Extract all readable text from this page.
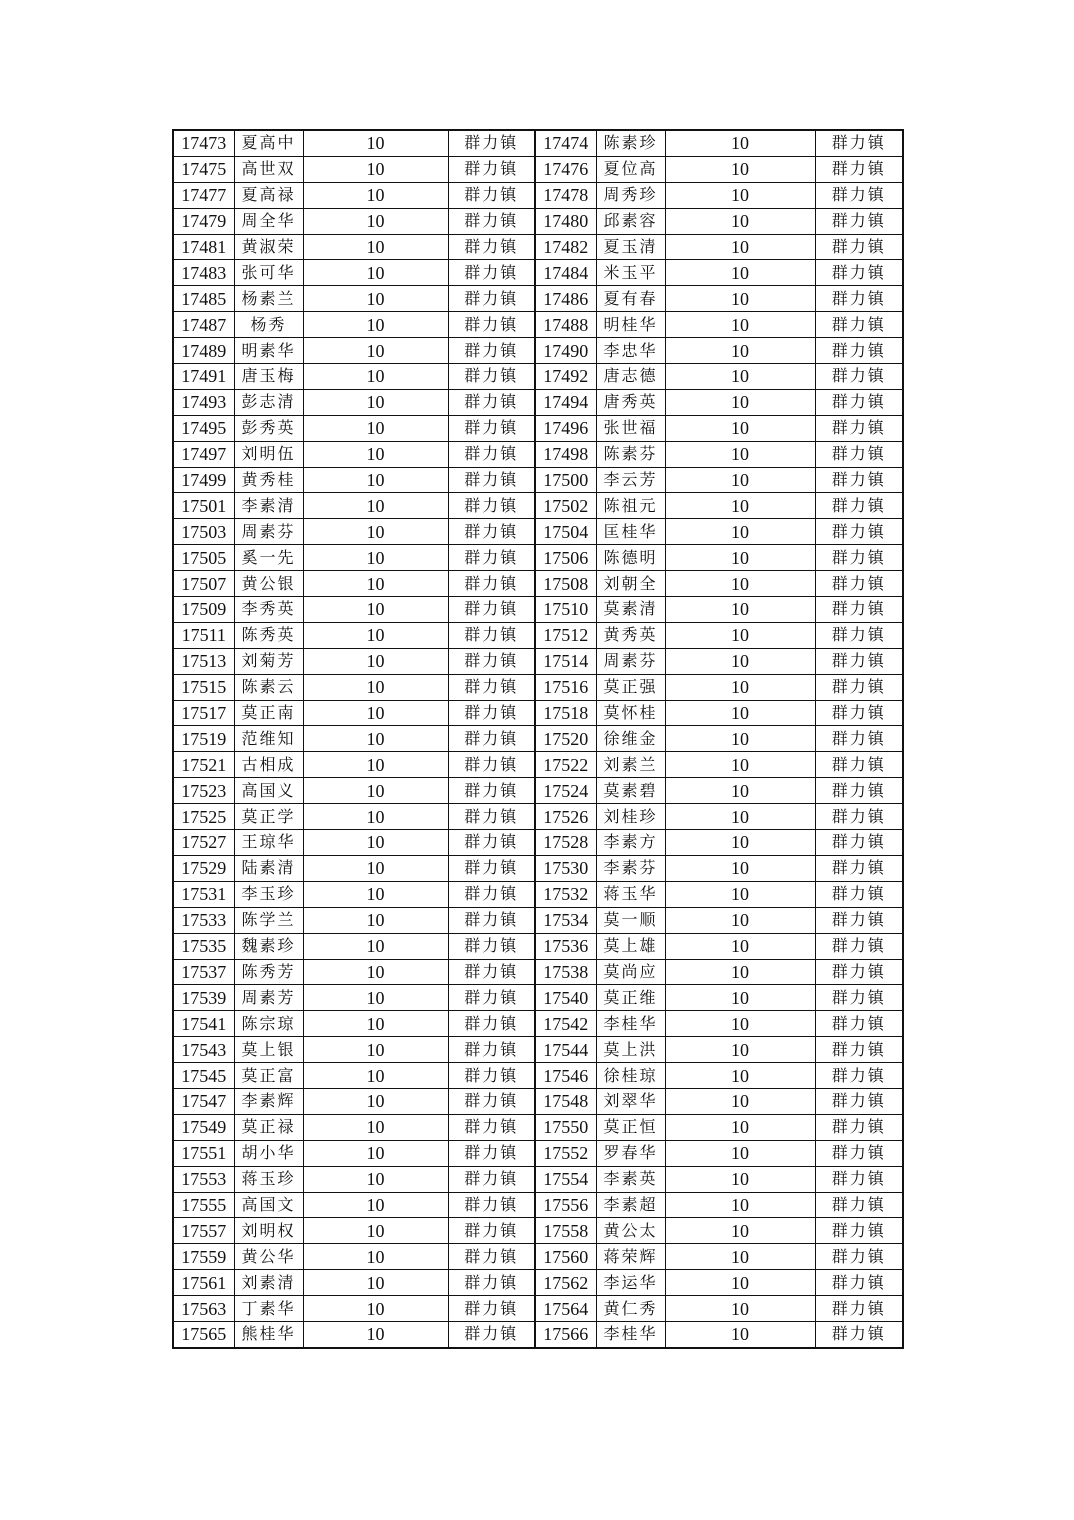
17473	夏高中	10	群力镇	17474	陈素珍	10	群力镇
17475	高世双	10	群力镇	17476	夏位高	10	群力镇
17477	夏高禄	10	群力镇	17478	周秀珍	10	群力镇
17479	周全华	10	群力镇	17480	邱素容	10	群力镇
17481	黄淑荣	10	群力镇	17482	夏玉清	10	群力镇
17483	张可华	10	群力镇	17484	米玉平	10	群力镇
17485	杨素兰	10	群力镇	17486	夏有春	10	群力镇
17487	杨秀	10	群力镇	17488	明桂华	10	群力镇
17489	明素华	10	群力镇	17490	李忠华	10	群力镇
17491	唐玉梅	10	群力镇	17492	唐志德	10	群力镇
17493	彭志清	10	群力镇	17494	唐秀英	10	群力镇
17495	彭秀英	10	群力镇	17496	张世福	10	群力镇
17497	刘明伍	10	群力镇	17498	陈素芬	10	群力镇
17499	黄秀桂	10	群力镇	17500	李云芳	10	群力镇
17501	李素清	10	群力镇	17502	陈祖元	10	群力镇
17503	周素芬	10	群力镇	17504	匡桂华	10	群力镇
17505	奚一先	10	群力镇	17506	陈德明	10	群力镇
17507	黄公银	10	群力镇	17508	刘朝全	10	群力镇
17509	李秀英	10	群力镇	17510	莫素清	10	群力镇
17511	陈秀英	10	群力镇	17512	黄秀英	10	群力镇
17513	刘菊芳	10	群力镇	17514	周素芬	10	群力镇
17515	陈素云	10	群力镇	17516	莫正强	10	群力镇
17517	莫正南	10	群力镇	17518	莫怀桂	10	群力镇
17519	范维知	10	群力镇	17520	徐维金	10	群力镇
17521	古相成	10	群力镇	17522	刘素兰	10	群力镇
17523	高国义	10	群力镇	17524	莫素碧	10	群力镇
17525	莫正学	10	群力镇	17526	刘桂珍	10	群力镇
17527	王琼华	10	群力镇	17528	李素方	10	群力镇
17529	陆素清	10	群力镇	17530	李素芬	10	群力镇
17531	李玉珍	10	群力镇	17532	蒋玉华	10	群力镇
17533	陈学兰	10	群力镇	17534	莫一顺	10	群力镇
17535	魏素珍	10	群力镇	17536	莫上雄	10	群力镇
17537	陈秀芳	10	群力镇	17538	莫尚应	10	群力镇
17539	周素芳	10	群力镇	17540	莫正维	10	群力镇
17541	陈宗琼	10	群力镇	17542	李桂华	10	群力镇
17543	莫上银	10	群力镇	17544	莫上洪	10	群力镇
17545	莫正富	10	群力镇	17546	徐桂琼	10	群力镇
17547	李素辉	10	群力镇	17548	刘翠华	10	群力镇
17549	莫正禄	10	群力镇	17550	莫正恒	10	群力镇
17551	胡小华	10	群力镇	17552	罗春华	10	群力镇
17553	蒋玉珍	10	群力镇	17554	李素英	10	群力镇
17555	高国文	10	群力镇	17556	李素超	10	群力镇
17557	刘明权	10	群力镇	17558	黄公太	10	群力镇
17559	黄公华	10	群力镇	17560	蒋荣辉	10	群力镇
17561	刘素清	10	群力镇	17562	李运华	10	群力镇
17563	丁素华	10	群力镇	17564	黄仁秀	10	群力镇
17565	熊桂华	10	群力镇	17566	李桂华	10	群力镇
